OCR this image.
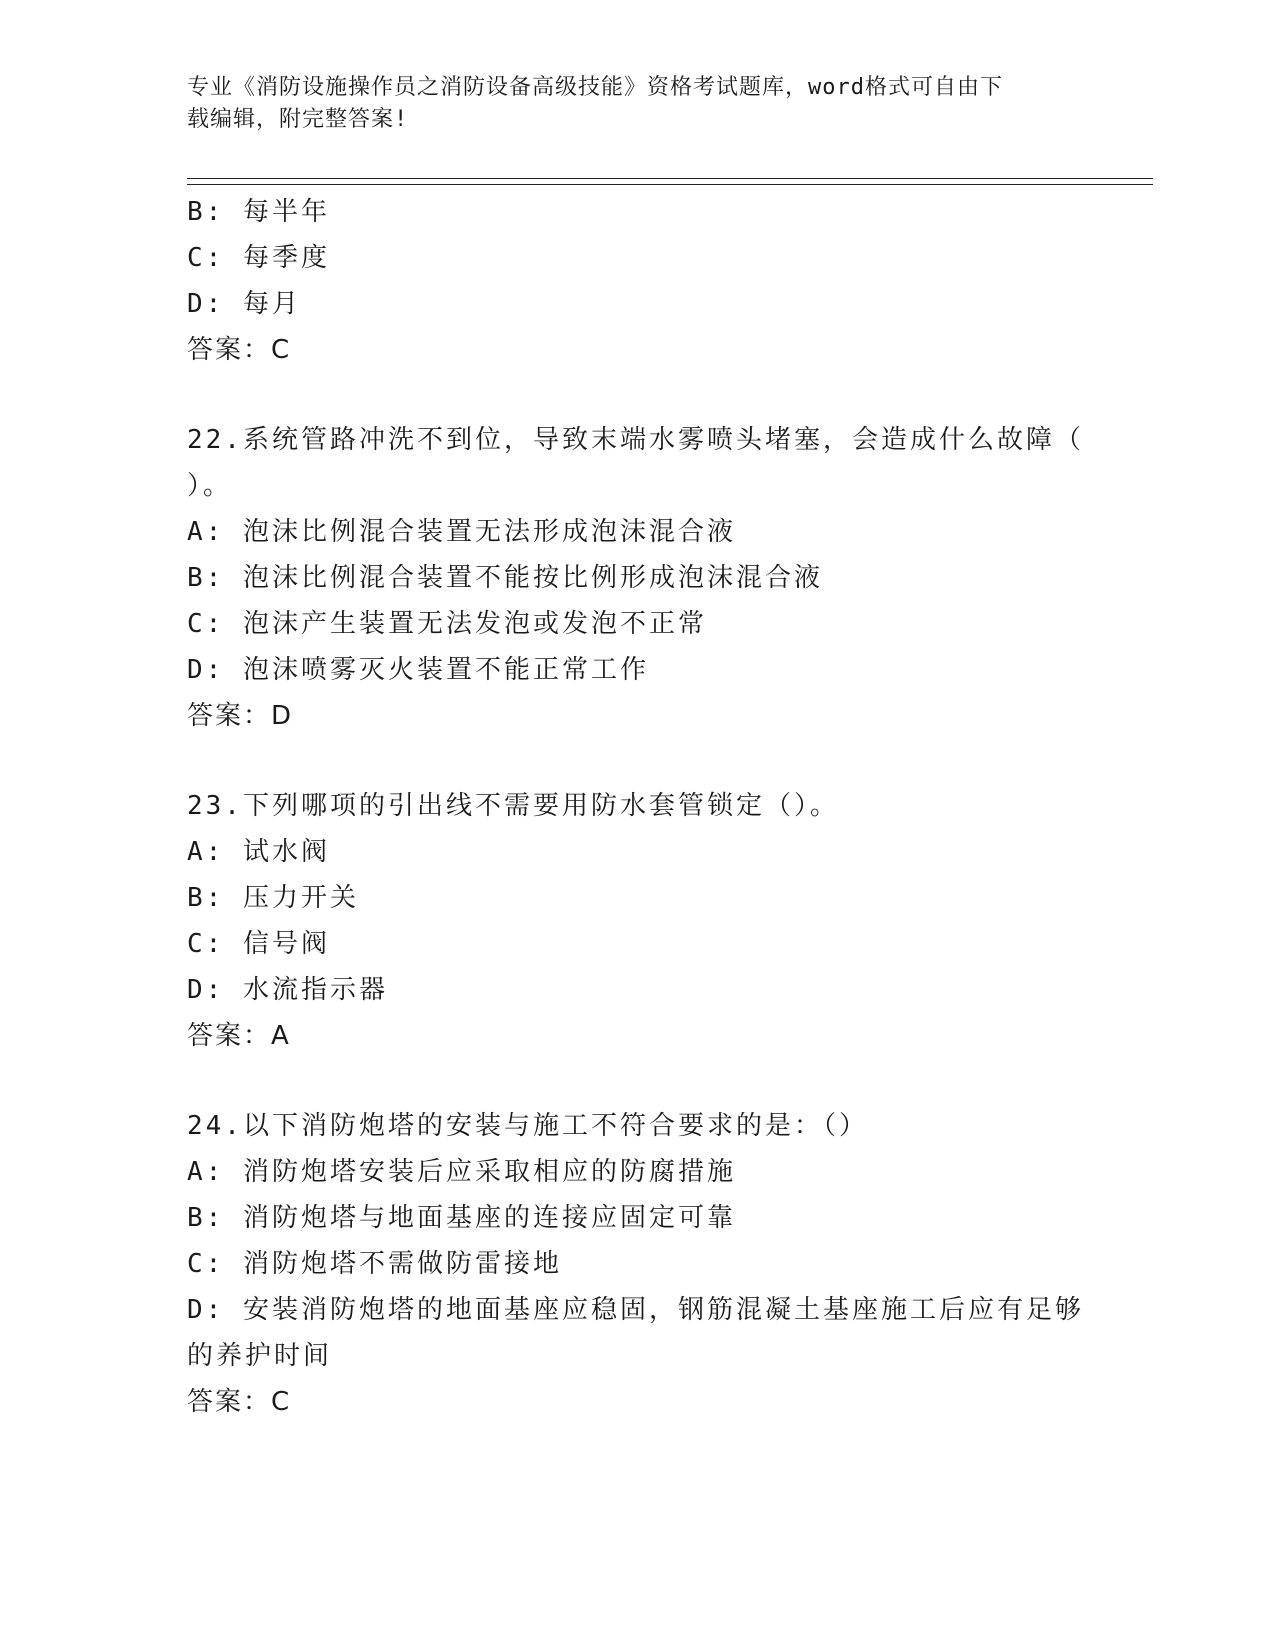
专业《消防设施操作员之消防设备高级技能》资格考试题库，word格式可自由下
载编辑，附完整答案!
B: 每半年
C: 每季度
D: 每月
答案：C
22.系统管路冲洗不到位，导致末端水雾喷头堵塞，会造成什么故障（
）。
A: 泡沫比例混合装置无法形成泡沫混合液
B: 泡沫比例混合装置不能按比例形成泡沫混合液
C: 泡沫产生装置无法发泡或发泡不正常
D: 泡沫喷雾灭火装置不能正常工作
答案：D
23.下列哪项的引出线不需要用防水套管锁定（）。
A: 试水阀
B: 压力开关
C: 信号阀
D: 水流指示器
答案：A
24.以下消防炮塔的安装与施工不符合要求的是：（）
A: 消防炮塔安装后应采取相应的防腐措施
B: 消防炮塔与地面基座的连接应固定可靠
C: 消防炮塔不需做防雷接地
D: 安装消防炮塔的地面基座应稳固，钢筋混凝土基座施工后应有足够
的养护时间
答案：C
